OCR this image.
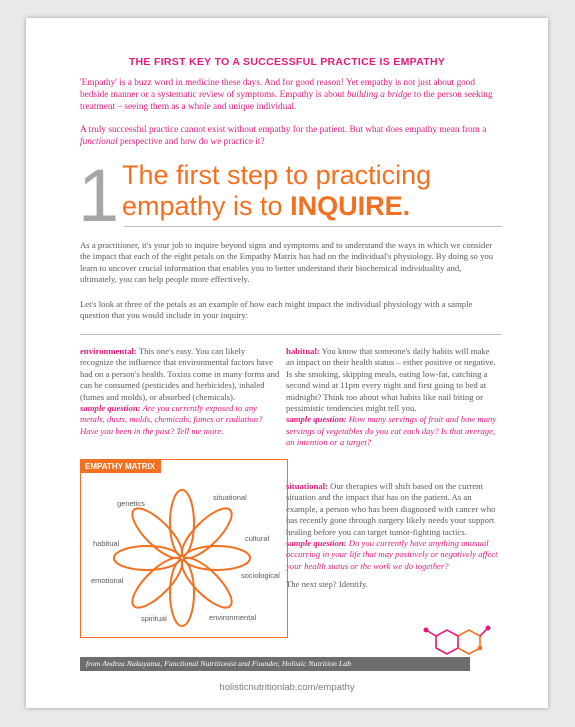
THE FIRST KEY TO A SUCCESSFUL PRACTICE IS EMPATHY
'Empathy' is a buzz word in medicine these days. And for good reason! Yet empathy is not just about good bedside manner or a systematic review of symptoms. Empathy is about building a bridge to the person seeking treatment – seeing them as a whole and unique individual.
A truly successful practice cannot exist without empathy for the patient. But what does empathy mean from a functional perspective and how do we practice it?
1 The first step to practicing empathy is to INQUIRE.
As a practitioner, it's your job to inquire beyond signs and symptoms and to understand the ways in which we consider the impact that each of the eight petals on the Empathy Matrix has had on the individual's physiology. By doing so you learn to uncover crucial information that enables you to better understand their biochemical individuality and, ultimately, you can help people more effectively.
Let's look at three of the petals as an example of how each might impact the individual physiology with a sample question that you would include in your inquiry:
environmental: This one's easy. You can likely recognize the influence that environmental factors have had on a person's health. Toxins come in many forms and can be consumed (pesticides and herbicides), inhaled (fumes and molds), or absorbed (chemicals).
sample question: Are you currently exposed to any metals, dusts, molds, chemicals, fumes or radiation? Have you been in the past? Tell me more.
habitual: You know that someone's daily habits will make an impact on their health status – either positive or negative. Is she smoking, skipping meals, eating low-fat, catching a second wind at 11pm every night and first going to bed at midnight? Think too about what habits like nail biting or pessimistic tendencies might tell you.
sample question: How many servings of fruit and how many servings of vegetables do you eat each day? Is that average, an intention or a target?
situational: Our therapies will shift based on the current situation and the impact that has on the patient. As an example, a person who has been diagnosed with cancer who has recently gone through surgery likely needs your support healing before you can target tumor-fighting tactics.
sample question: Do you currently have anything unusual occurring in your life that may positively or negatively affect your health status or the work we do together?
The next step? Identify.
EMPATHY MATRIX
genetics
situational
cultural
sociological
environmental
spiritual
emotional
habitual
from Andrea Nakayama, Functional Nutritionist and Founder, Holistic Nutrition Lab
holisticnutritionlab.com/empathy
